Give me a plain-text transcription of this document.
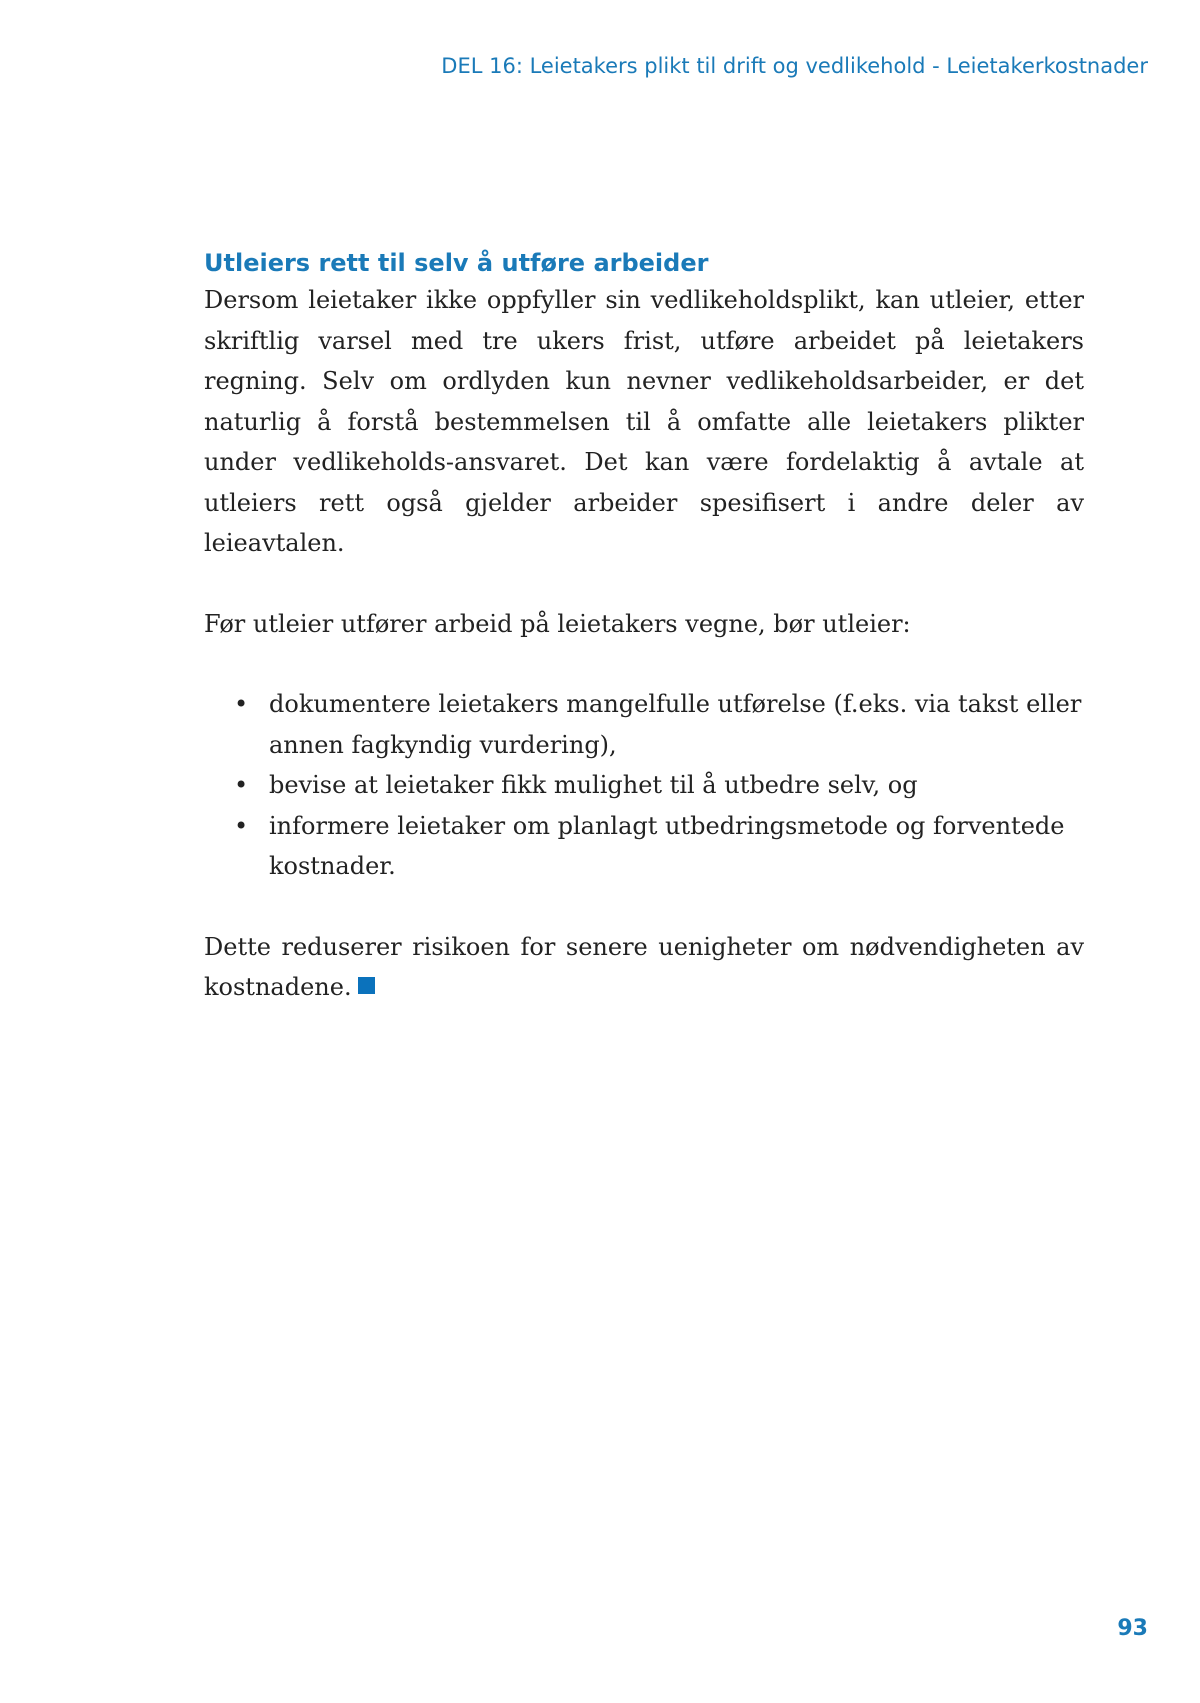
DEL 16: Leietakers plikt til drift og vedlikehold - Leietakerkostnader
Utleiers rett til selv å utføre arbeider

Dersom leietaker ikke oppfyller sin vedlikeholdsplikt, kan utleier, etter skriftlig varsel med tre ukers frist, utføre arbeidet på leietakers regning. Selv om ordlyden kun nevner vedlikeholdsarbeider, er det naturlig å forstå bestemmelsen til å omfatte alle leietakers plikter under vedlikeholds-ansvaret. Det kan være fordelaktig å avtale at utleiers rett også gjelder arbeider spesifisert i andre deler av leieavtalen.

Før utleier utfører arbeid på leietakers vegne, bør utleier:

• dokumentere leietakers mangelfulle utførelse (f.eks. via takst eller annen fagkyndig vurdering),
• bevise at leietaker fikk mulighet til å utbedre selv, og
• informere leietaker om planlagt utbedringsmetode og forventede kostnader.

Dette reduserer risikoen for senere uenigheter om nødvendigheten av kostnadene.

93
